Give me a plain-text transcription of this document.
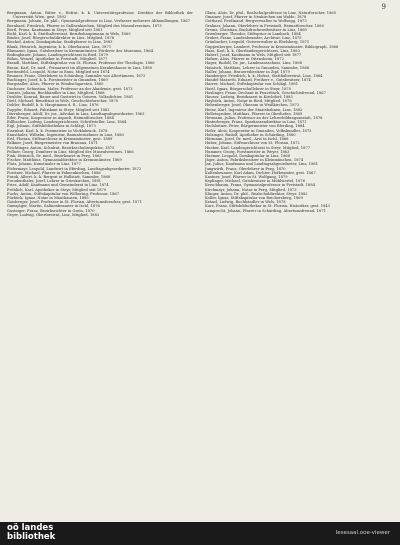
9

Bergmann, Anton, Ritter v., Hofrat, k. k. Universitätsprofessor, Direktor der Bibliothek der Universität Wien, gest. 1892

Bergmann, Johann, Dr. phil., Gymnasialprofessor in Linz, Verfasser mehrerer Abhandlungen, 1867

Bernhard, Friedrich, Pfarrer in Gallneukirchen, Mitglied des Musealvereines, 1875

Bertl, Franz, Kaufmann in Steyr, Mitglied seit 1881

Bichl, Karl, k. k. Statthaltereirat, Bezirkshauptmann in Wels, 1869

Binder, Josef, Bürgerschuldirektor in Linz, Mitglied, 1878

Bischof, Anton, Domkapitular, Stadtpfarrer in Linz, 1883

Blank, Heinrich, Ingenieur, k. k. Oberbaurat, Linz, 1871

Blumauer, Ignaz, Gutsbesitzer in Kremsmünster, Förderer des Museums, 1864

Bodingbauer, Johann, Landesgerichtsrat in Ried, 1879

Böhm, Wenzel, Apotheker in Freistadt, Mitglied, 1877

Brandl, Matthias, Stiftskapitular von St. Florian, Professor der Theologie, 1866

Braun, Karl, Dr. med., Primararzt im allgemeinen Krankenhause in Linz, 1880

Breitenfeld, Leopold, Notar in Enns, Mitglied seit 1874

Brunner, Franz, Oberlehrer in Schärding, Sammler von Altertümern, 1872

Buchinger, Josef, k. k. Forstmeister in Gmunden, 1869

Burgstaller, Alois, Pfarrer in Windischgarsten, 1885

Dachauer, Sebastian, Maler, Professor an der Akademie, gest. 1873

Danzer, Johann, Buchhändler in Linz, Mitglied, 1868

Deubler, Konrad, Bauer und Gastwirt in Goisern, Volksdichter, 1881

Dietl, Michael, Benefiziat in Wels, Geschichtsforscher, 1870

Dobler, Rudolf, k. k. Hauptmann d. R., Linz, 1876

Doppler, Eduard, Fabrikant in Steyr, Mitglied seit 1882

Dürrnberger, Adolf, Dr. jur., Advokat in Linz, Landtagsabgeordneter, 1863

Eder, Franz, Kooperator in Aspach, Heimatforscher, 1884

Edlbacher, Ludwig, Landesgerichtsrat, Schriftsteller, Linz, 1864

Eigl, Johann, Stiftsbibliothekar in Schlägl, 1873

Eisenhut, Karl, k. k. Postmeister in Vöcklabruck, 1878

Ennsthaler, Wilhelm, Ingenieur, Bauunternehmer in Linz, 1880

Ertl, Florian, Stiftsarchivar in Kremsmünster, gest. 1889

Falkner, Josef, Bürgermeister von Braunau, 1871

Feichtinger, Anton, Schulrat, Bezirksschulinspektor, 1875

Fellner, Georg, Domherr in Linz, Mitglied des Musealvereines, 1866

Fink, Heinrich, Dr. med., Bezirksarzt in Perg, 1883

Fischer, Matthäus, Gymnasialdirektor in Kremsmünster, 1869

Flatz, Johann, Kunstmaler in Linz, 1877

Födermayr, Leopold, Landwirt in Eferding, Landtagsabgeordneter, 1872

Forstner, Michael, Pfarrer in Pabneukirchen, 1886

Frank, Albert, k. k. Bergrat in Hallstatt, Sammler, 1868

Freudenthaler, Josef, Lehrer in Grieskirchen, 1881

Fries, Adolf, Kaufmann und Gemeinderat in Linz, 1874

Fröhlich, Karl, Apotheker in Steyr, Mitglied seit 1879

Fuchs, Anton, Stiftskapitular von Wilhering, Professor, 1867

Fürböck, Ignaz, Notar in Mauthausen, 1885

Gaisberger, Josef, Professor in St. Florian, Altertumsforscher, gest. 1871

Gamsjäger, Martin, Salinenbeamter in Ischl, 1876

Gasteiger, Franz, Bezirksrichter in Grein, 1870

Geyer, Ludwig, Oberforstrat, Linz, Mitglied, 1882

Glanz, Alois, Dr. phil., Realschulprofessor in Linz, Naturforscher, 1865

Gmainer, Josef, Pfarrer in Neukirchen am Walde, 1878

Gotthard, Ferdinand, Bergverwalter in Wolfsegg, 1873

Grabner, Johann, Oberlehrer in Freistadt, Heimatforscher, 1880

Greinz, Christian, Buchdruckereibesitzer in Linz, 1869

Grienberger, Theodor, Stiftsprior in Lambach, 1884

Gruber, Franz, Landesbeamter, Archivar, Linz, 1875

Grünbacher, Leopold, Gutsverwalter in Ebelsberg, 1871

Guppenberger, Lambert, Professor in Kremsmünster, Bibliograph, 1866

Haas, Karl, k. k. Oberlandesgerichtsrat, Linz, 1883

Haberl, Josef, Kaufmann in Wels, Mitglied seit 1877

Hafner, Alois, Pfarrer in Ottensheim, 1872

Hager, Rudolf, Dr. jur., Landesausschuss, Linz, 1868

Hainisch, Matthias, Lehrer in Gmunden, Sammler, 1886

Haller, Johann, Brauereibesitzer in Zipf, 1879

Hamberger, Friedrich, k. k. Hofrat, Statthaltereirat, Linz, 1864

Handel-Mazzetti, Eduard, Freiherr v., Gutsbesitzer, 1874

Harrer, Michael, Stiftskapitular von Schlägl, 1881

Hartl, Ignaz, Bürgerschullehrer in Steyr, 1870

Haslinger, Franz, Dechant in Peuerbach, Geschichtsfreund, 1867

Hauser, Ludwig, Bezirksarzt in Kirchdorf, 1885

Hayböck, Anton, Notar in Ried, Mitglied, 1876

Hehenberger, Josef, Ökonom in Weißkirchen, 1873

Heinz, Karl, Ingenieur der Staatsbahnen, Linz, 1882

Helletsgruber, Matthias, Pfarrer in Oberhofen, 1869

Hermann, Julius, Professor an der Lehrerbildungsanstalt, 1878

Hinterberger, Franz, Sparkassendirektor in Linz, 1871

Hochleitner, Peter, Bürgermeister von Eferding, 1884

Hofer, Alois, Kooperator in Gmunden, Volkskundler, 1875

Holzinger, Rudolf, Apotheker in Schärding, 1880

Hörmann, Josef, Dr. med., Arzt in Ischl, 1866

Huber, Johann, Stiftsarchivar von St. Florian, 1872

Hueber, Karl, Landesgerichtsrat in Steyr, Mitglied, 1877

Hummer, Georg, Forstmeister in Weyer, 1883

Huemer, Leopold, Domkapitular in Linz, 1868

Jäger, Anton, Fabriksbesitzer in Kleinmünchen, 1874

Jax, Julius, Kaufmann und Landtagsabgeordneter, Linz, 1881

Jungwirth, Franz, Oberlehrer in Perg, 1870

Kaltenbrunner, Karl Adam, Dichter, Hofbeamter, gest. 1867

Kastner, Josef, Pfarrer in St. Wolfgang, 1879

Keplinger, Michael, Gutsbesitzer in Mühlviertel, 1876

Kerschbaum, Franz, Gymnasialprofessor in Freistadt, 1884

Kirchmayr, Johann, Notar in Perg, Mitglied, 1873

Klinger, Anton, Dr. phil., Realschuldirektor, Steyr, 1882

Koller, Ignaz, Stiftskapitular von Reichersberg, 1869

Kränzl, Ludwig, Buchhändler in Wels, 1878

Kurz, Franz, Stiftsbibliothekar in St. Florian, Historiker, gest. 1843

Lamprecht, Johann, Pfarrer in Schärding, Altertumsfreund, 1871

oö landes
bibliothek	lesesaal.ooe-viewer
